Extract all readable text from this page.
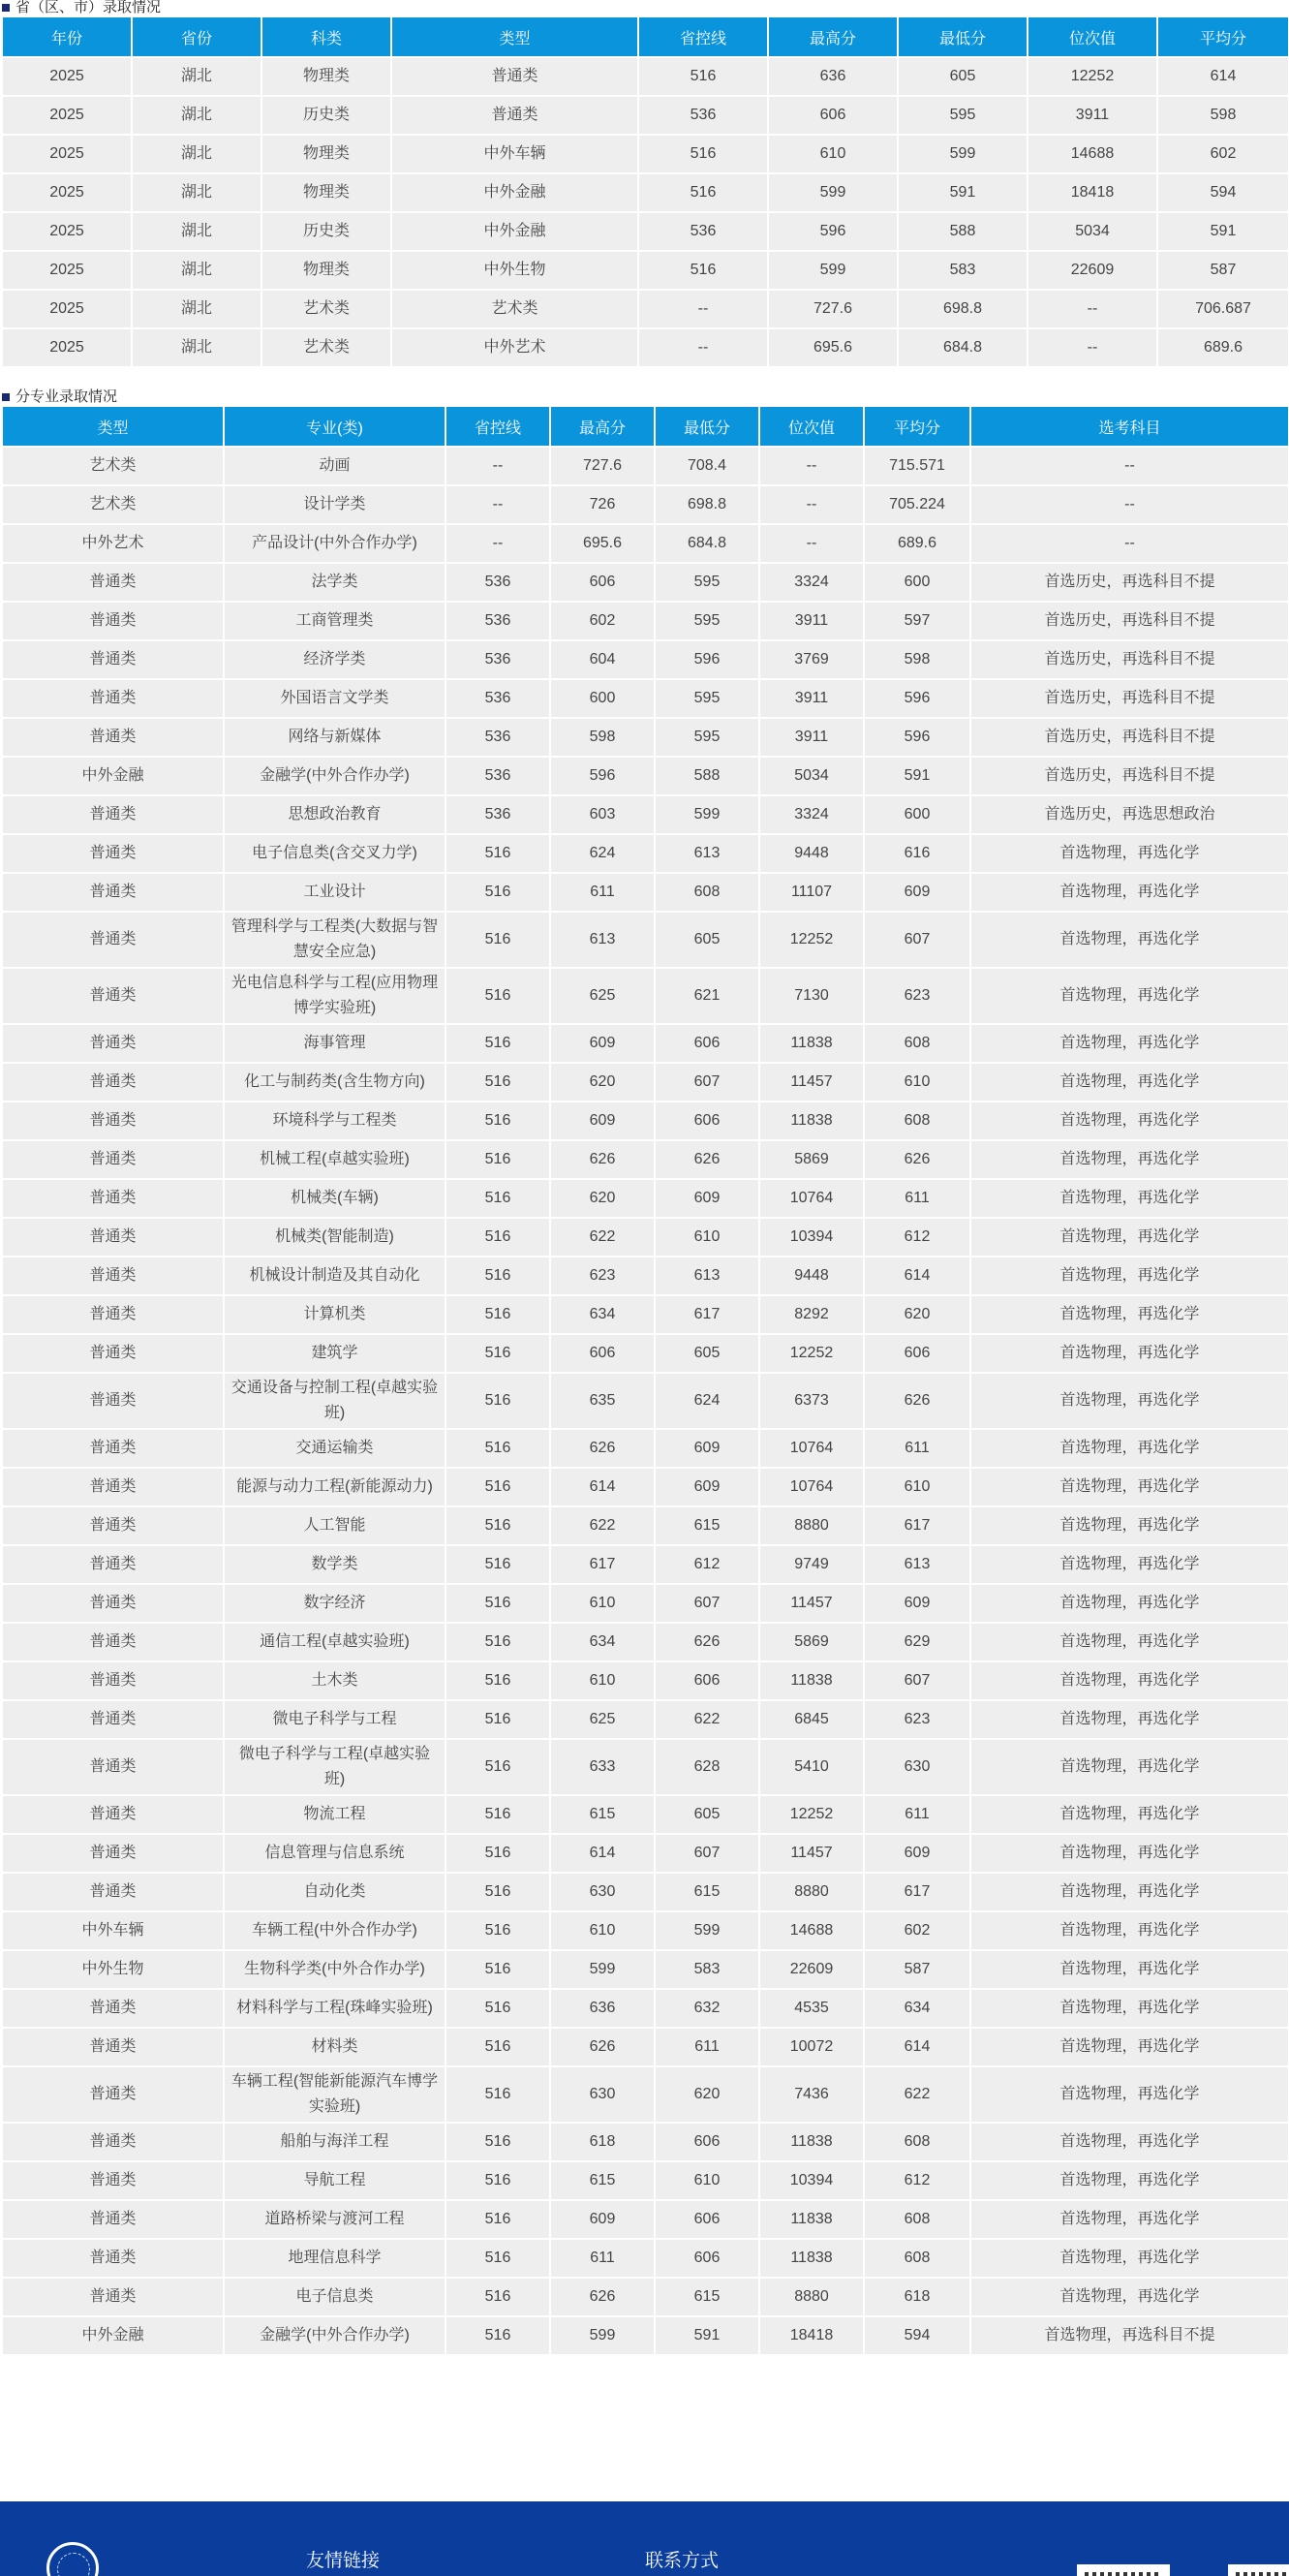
省（区、市）录取情况
年份	省份	科类	类型	省控线	最高分	最低分	位次值	平均分
2025	湖北	物理类	普通类	516	636	605	12252	614
2025	湖北	历史类	普通类	536	606	595	3911	598
2025	湖北	物理类	中外车辆	516	610	599	14688	602
2025	湖北	物理类	中外金融	516	599	591	18418	594
2025	湖北	历史类	中外金融	536	596	588	5034	591
2025	湖北	物理类	中外生物	516	599	583	22609	587
2025	湖北	艺术类	艺术类	--	727.6	698.8	--	706.687
2025	湖北	艺术类	中外艺术	--	695.6	684.8	--	689.6
分专业录取情况
类型	专业(类)	省控线	最高分	最低分	位次值	平均分	选考科目
艺术类	动画	--	727.6	708.4	--	715.571	--
艺术类	设计学类	--	726	698.8	--	705.224	--
中外艺术	产品设计(中外合作办学)	--	695.6	684.8	--	689.6	--
普通类	法学类	536	606	595	3324	600	首选历史，再选科目不提
普通类	工商管理类	536	602	595	3911	597	首选历史，再选科目不提
普通类	经济学类	536	604	596	3769	598	首选历史，再选科目不提
普通类	外国语言文学类	536	600	595	3911	596	首选历史，再选科目不提
普通类	网络与新媒体	536	598	595	3911	596	首选历史，再选科目不提
中外金融	金融学(中外合作办学)	536	596	588	5034	591	首选历史，再选科目不提
普通类	思想政治教育	536	603	599	3324	600	首选历史，再选思想政治
普通类	电子信息类(含交叉力学)	516	624	613	9448	616	首选物理，再选化学
普通类	工业设计	516	611	608	11107	609	首选物理，再选化学
普通类	管理科学与工程类(大数据与智慧安全应急)	516	613	605	12252	607	首选物理，再选化学
普通类	光电信息科学与工程(应用物理博学实验班)	516	625	621	7130	623	首选物理，再选化学
普通类	海事管理	516	609	606	11838	608	首选物理，再选化学
普通类	化工与制药类(含生物方向)	516	620	607	11457	610	首选物理，再选化学
普通类	环境科学与工程类	516	609	606	11838	608	首选物理，再选化学
普通类	机械工程(卓越实验班)	516	626	626	5869	626	首选物理，再选化学
普通类	机械类(车辆)	516	620	609	10764	611	首选物理，再选化学
普通类	机械类(智能制造)	516	622	610	10394	612	首选物理，再选化学
普通类	机械设计制造及其自动化	516	623	613	9448	614	首选物理，再选化学
普通类	计算机类	516	634	617	8292	620	首选物理，再选化学
普通类	建筑学	516	606	605	12252	606	首选物理，再选化学
普通类	交通设备与控制工程(卓越实验班)	516	635	624	6373	626	首选物理，再选化学
普通类	交通运输类	516	626	609	10764	611	首选物理，再选化学
普通类	能源与动力工程(新能源动力)	516	614	609	10764	610	首选物理，再选化学
普通类	人工智能	516	622	615	8880	617	首选物理，再选化学
普通类	数学类	516	617	612	9749	613	首选物理，再选化学
普通类	数字经济	516	610	607	11457	609	首选物理，再选化学
普通类	通信工程(卓越实验班)	516	634	626	5869	629	首选物理，再选化学
普通类	土木类	516	610	606	11838	607	首选物理，再选化学
普通类	微电子科学与工程	516	625	622	6845	623	首选物理，再选化学
普通类	微电子科学与工程(卓越实验班)	516	633	628	5410	630	首选物理，再选化学
普通类	物流工程	516	615	605	12252	611	首选物理，再选化学
普通类	信息管理与信息系统	516	614	607	11457	609	首选物理，再选化学
普通类	自动化类	516	630	615	8880	617	首选物理，再选化学
中外车辆	车辆工程(中外合作办学)	516	610	599	14688	602	首选物理，再选化学
中外生物	生物科学类(中外合作办学)	516	599	583	22609	587	首选物理，再选化学
普通类	材料科学与工程(珠峰实验班)	516	636	632	4535	634	首选物理，再选化学
普通类	材料类	516	626	611	10072	614	首选物理，再选化学
普通类	车辆工程(智能新能源汽车博学实验班)	516	630	620	7436	622	首选物理，再选化学
普通类	船舶与海洋工程	516	618	606	11838	608	首选物理，再选化学
普通类	导航工程	516	615	610	10394	612	首选物理，再选化学
普通类	道路桥梁与渡河工程	516	609	606	11838	608	首选物理，再选化学
普通类	地理信息科学	516	611	606	11838	608	首选物理，再选化学
普通类	电子信息类	516	626	615	8880	618	首选物理，再选化学
中外金融	金融学(中外合作办学)	516	599	591	18418	594	首选物理，再选科目不提
友情链接	联系方式
